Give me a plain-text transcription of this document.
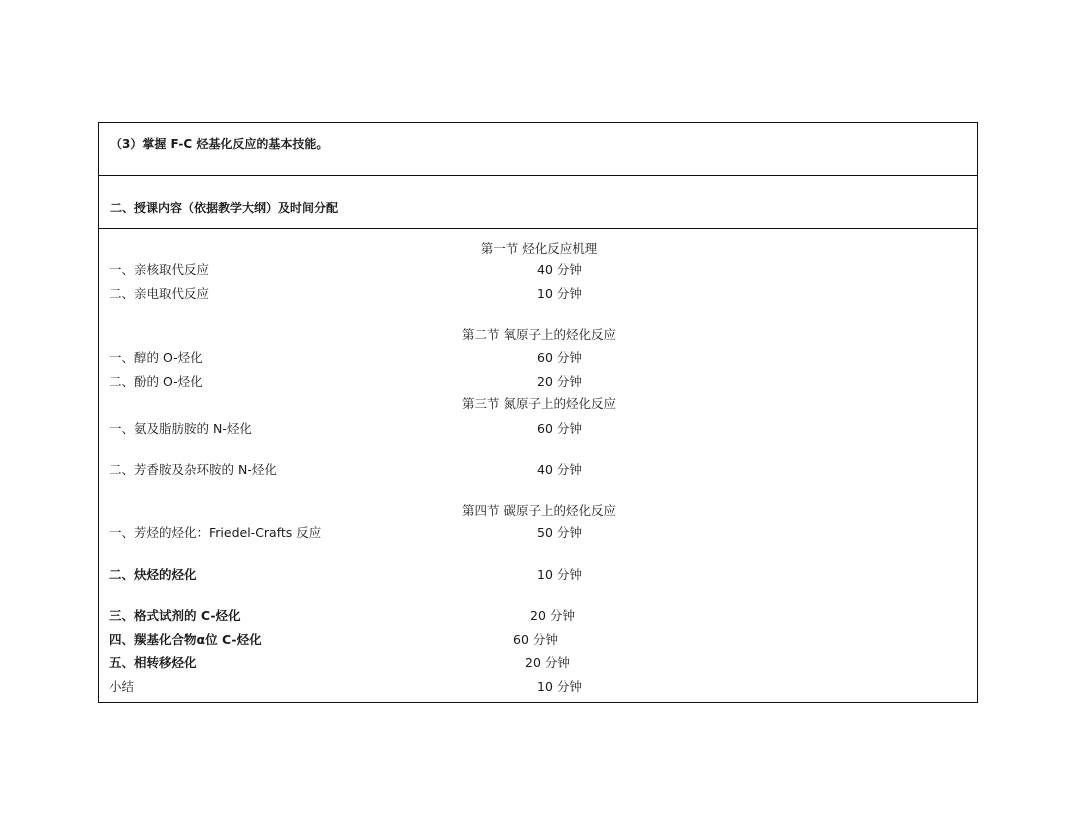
（3）掌握 F-C 烃基化反应的基本技能。
二、授课内容（依据教学大纲）及时间分配
第一节 烃化反应机理
一、亲核取代反应	40 分钟
二、亲电取代反应	10 分钟
第二节 氧原子上的烃化反应
一、醇的 O-烃化	60 分钟
二、酚的 O-烃化	20 分钟
第三节 氮原子上的烃化反应
一、氨及脂肪胺的 N-烃化	60 分钟
二、芳香胺及杂环胺的 N-烃化	40 分钟
第四节 碳原子上的烃化反应
一、芳烃的烃化：Friedel-Crafts 反应	50 分钟
二、炔烃的烃化	10 分钟
三、格式试剂的 C-烃化	20 分钟
四、羰基化合物α位 C-烃化	60 分钟
五、相转移烃化	20 分钟
小结	10 分钟
